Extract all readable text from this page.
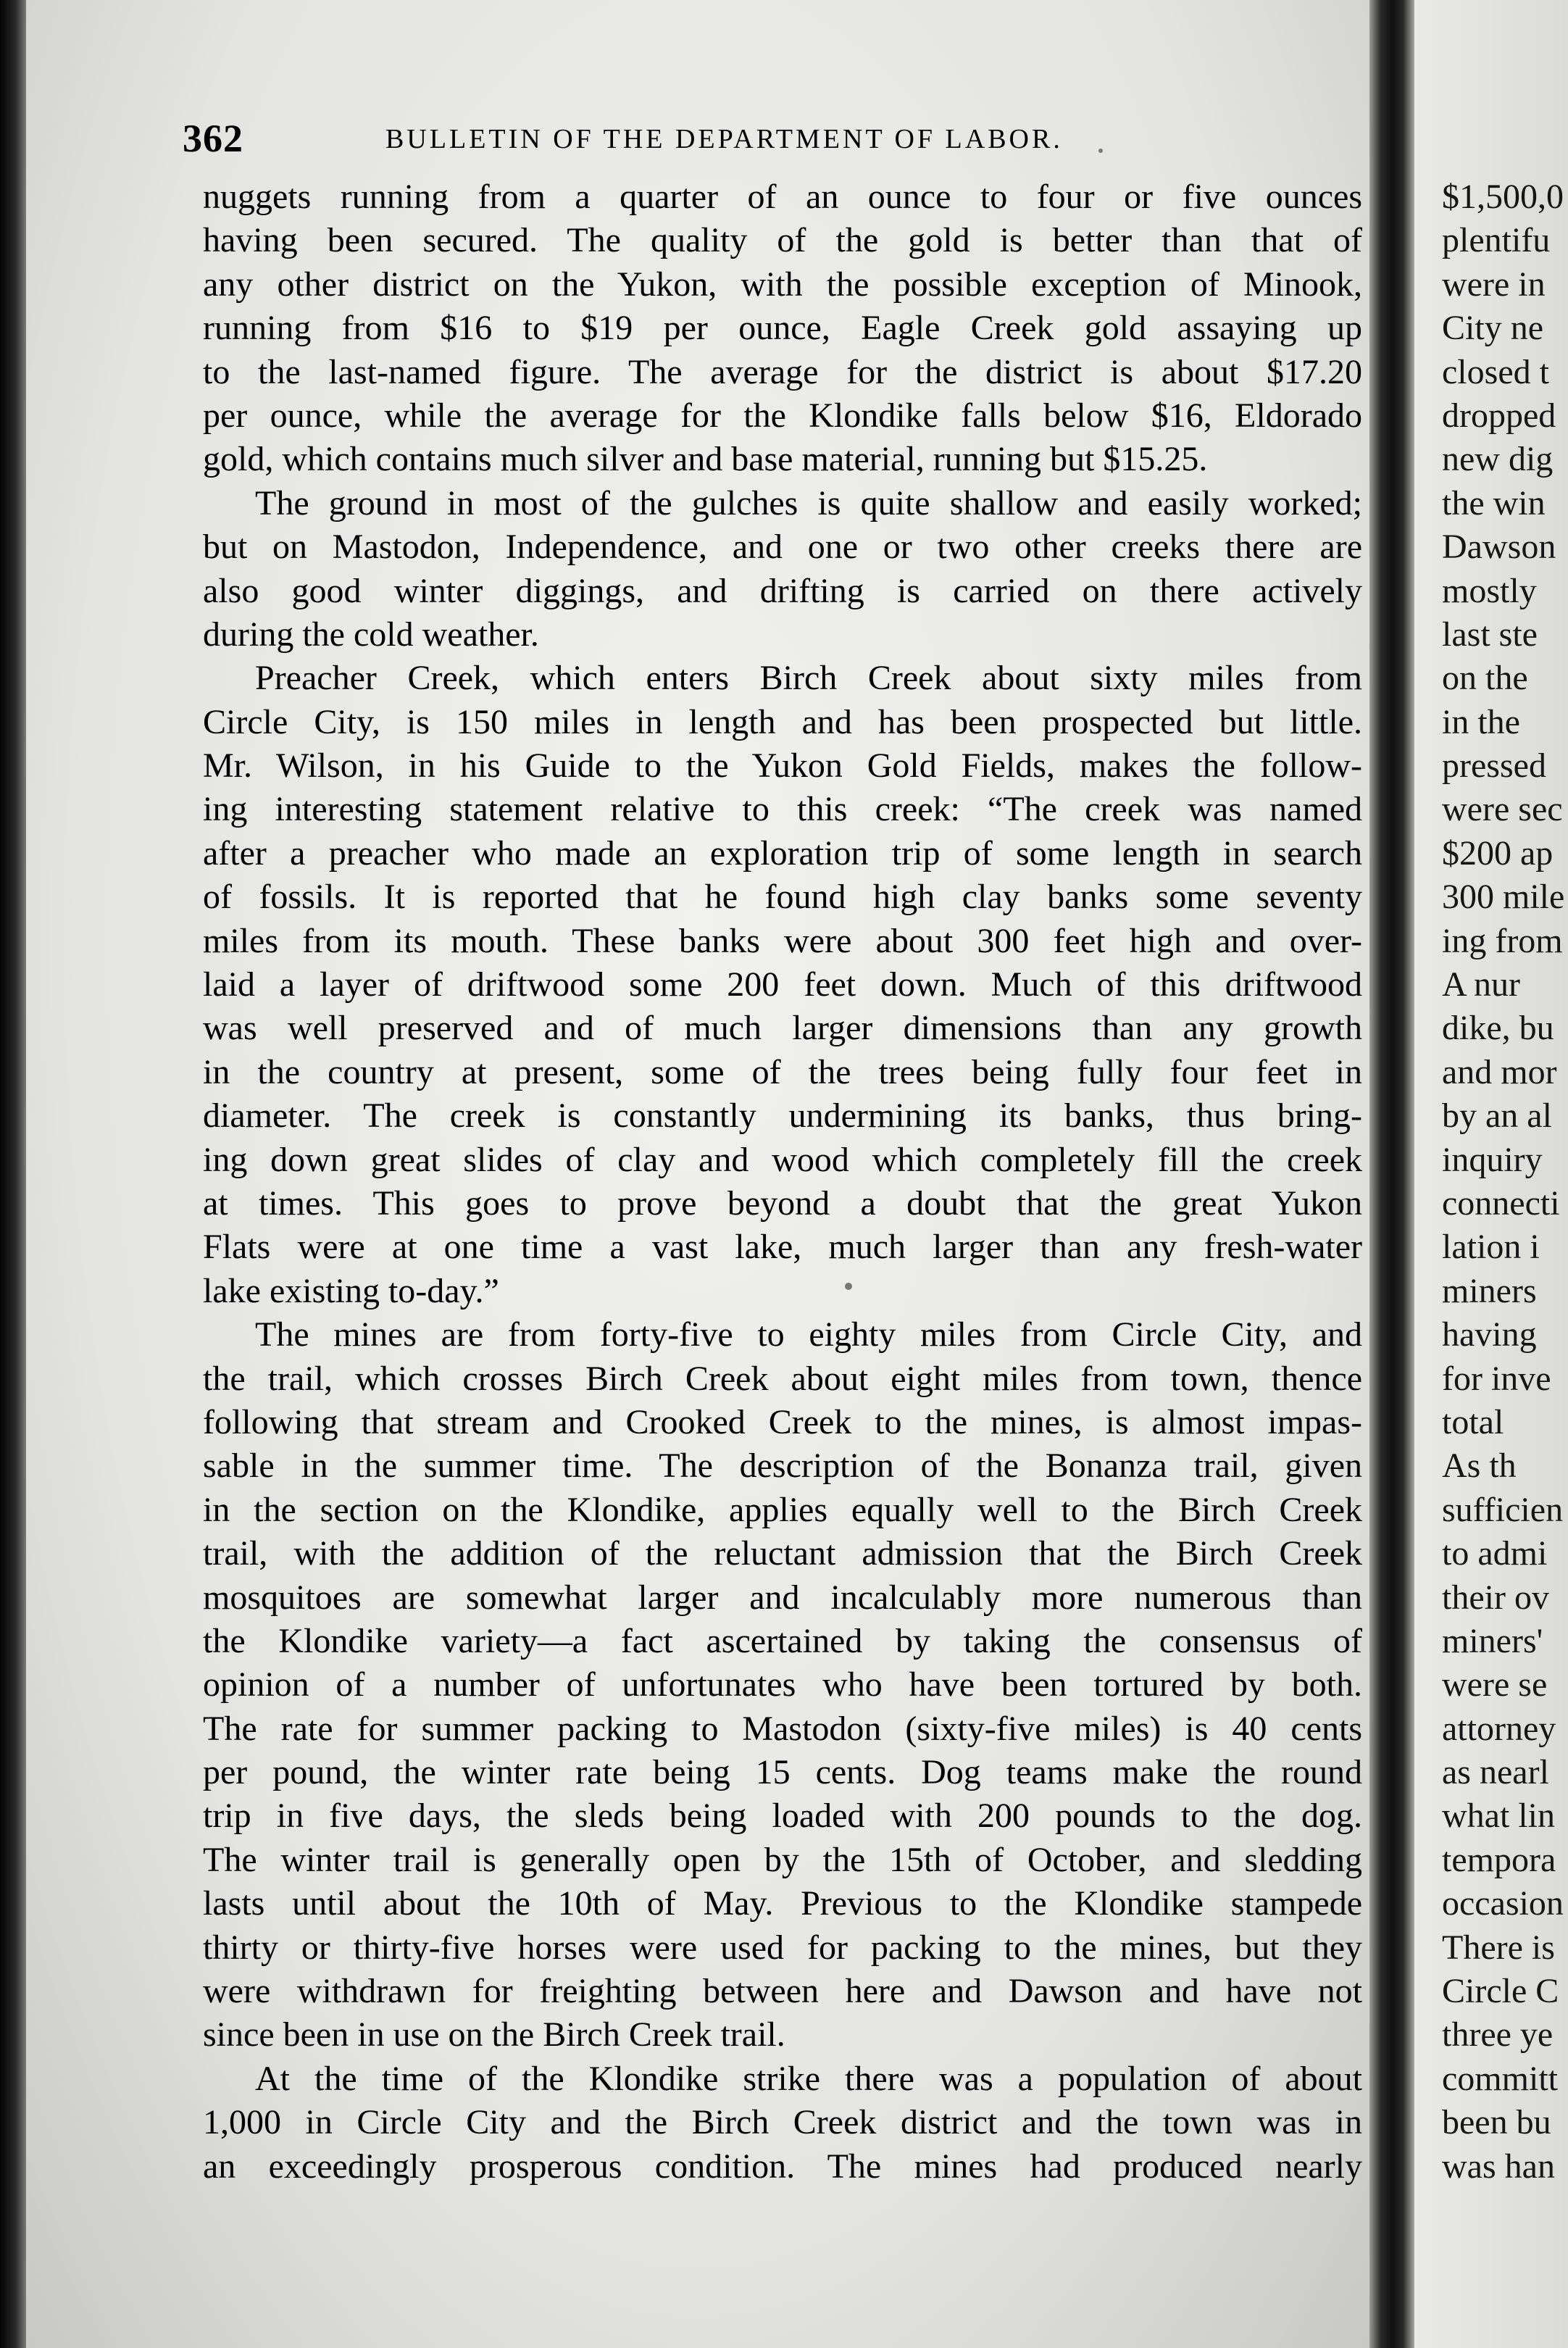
362	BULLETIN OF THE DEPARTMENT OF LABOR.
nuggets running from a quarter of an ounce to four or five ounces
having been secured. The quality of the gold is better than that of
any other district on the Yukon, with the possible exception of Minook,
running from $16 to $19 per ounce, Eagle Creek gold assaying up
to the last-named figure. The average for the district is about $17.20
per ounce, while the average for the Klondike falls below $16, Eldorado
gold, which contains much silver and base material, running but $15.25.
The ground in most of the gulches is quite shallow and easily worked;
but on Mastodon, Independence, and one or two other creeks there are
also good winter diggings, and drifting is carried on there actively
during the cold weather.
Preacher Creek, which enters Birch Creek about sixty miles from
Circle City, is 150 miles in length and has been prospected but little.
Mr. Wilson, in his Guide to the Yukon Gold Fields, makes the follow-
ing interesting statement relative to this creek: “The creek was named
after a preacher who made an exploration trip of some length in search
of fossils. It is reported that he found high clay banks some seventy
miles from its mouth. These banks were about 300 feet high and over-
laid a layer of driftwood some 200 feet down. Much of this driftwood
was well preserved and of much larger dimensions than any growth
in the country at present, some of the trees being fully four feet in
diameter. The creek is constantly undermining its banks, thus bring-
ing down great slides of clay and wood which completely fill the creek
at times. This goes to prove beyond a doubt that the great Yukon
Flats were at one time a vast lake, much larger than any fresh-water
lake existing to-day.”
The mines are from forty-five to eighty miles from Circle City, and
the trail, which crosses Birch Creek about eight miles from town, thence
following that stream and Crooked Creek to the mines, is almost impas-
sable in the summer time. The description of the Bonanza trail, given
in the section on the Klondike, applies equally well to the Birch Creek
trail, with the addition of the reluctant admission that the Birch Creek
mosquitoes are somewhat larger and incalculably more numerous than
the Klondike variety—a fact ascertained by taking the consensus of
opinion of a number of unfortunates who have been tortured by both.
The rate for summer packing to Mastodon (sixty-five miles) is 40 cents
per pound, the winter rate being 15 cents. Dog teams make the round
trip in five days, the sleds being loaded with 200 pounds to the dog.
The winter trail is generally open by the 15th of October, and sledding
lasts until about the 10th of May. Previous to the Klondike stampede
thirty or thirty-five horses were used for packing to the mines, but they
were withdrawn for freighting between here and Dawson and have not
since been in use on the Birch Creek trail.
At the time of the Klondike strike there was a population of about
1,000 in Circle City and the Birch Creek district and the town was in
an exceedingly prosperous condition. The mines had produced nearly
$1,500,0
plentifu
were in
City ne
closed t
dropped
new dig
the win
Dawson
mostly
last ste
on the
in the
pressed
were sec
$200 ap
300 mile
ing from
A nur
dike, bu
and mor
by an al
inquiry
connecti
lation i
miners
having
for inve
total
As th
sufficien
to admi
their ov
miners'
were se
attorney
as nearl
what lin
tempora
occasion
There is
Circle C
three ye
committ
been bu
was han
